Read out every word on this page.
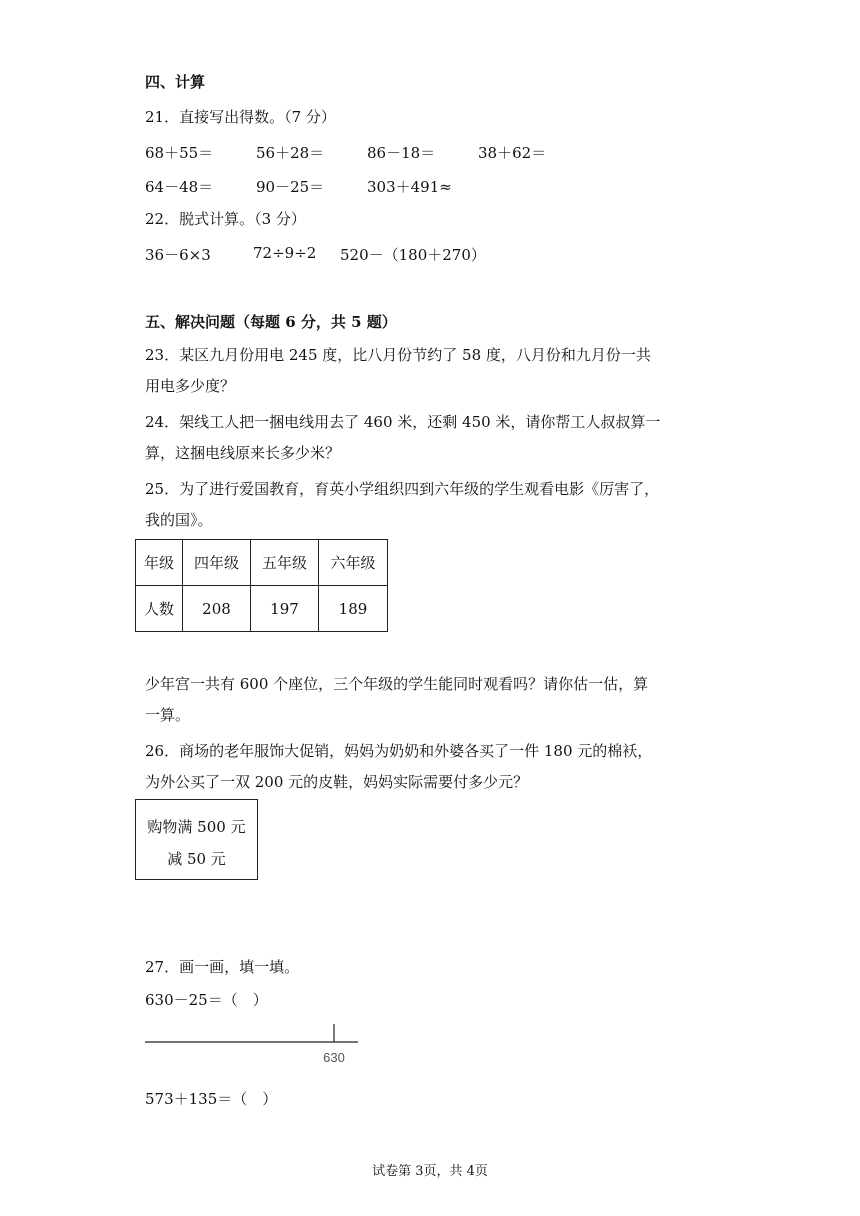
四、计算
21．直接写出得数。（7 分）
68＋55＝	56＋28＝	86－18＝	38＋62＝
64－48＝	90－25＝	303＋491≈
22．脱式计算。（3 分）
36－6×3	72÷9÷2 520－（180＋270）
五、解决问题（每题 6 分，共 5 题）
23．某区九月份用电 245 度，比八月份节约了 58 度，八月份和九月份一共
用电多少度？
24．架线工人把一捆电线用去了 460 米，还剩 450 米，请你帮工人叔叔算一
算，这捆电线原来长多少米？
25．为了进行爱国教育，育英小学组织四到六年级的学生观看电影《厉害了，
我的国》。
年级	四年级	五年级	六年级
人数	208	197	189
少年宫一共有 600 个座位，三个年级的学生能同时观看吗？请你估一估，算
一算。
26．商场的老年服饰大促销，妈妈为奶奶和外婆各买了一件 180 元的棉袄，
为外公买了一双 200 元的皮鞋，妈妈实际需要付多少元？
购物满 500 元
减 50 元
27．画一画，填一填。
630－25＝（　）
630
573＋135＝（　）
试卷第 3页，共 4页
